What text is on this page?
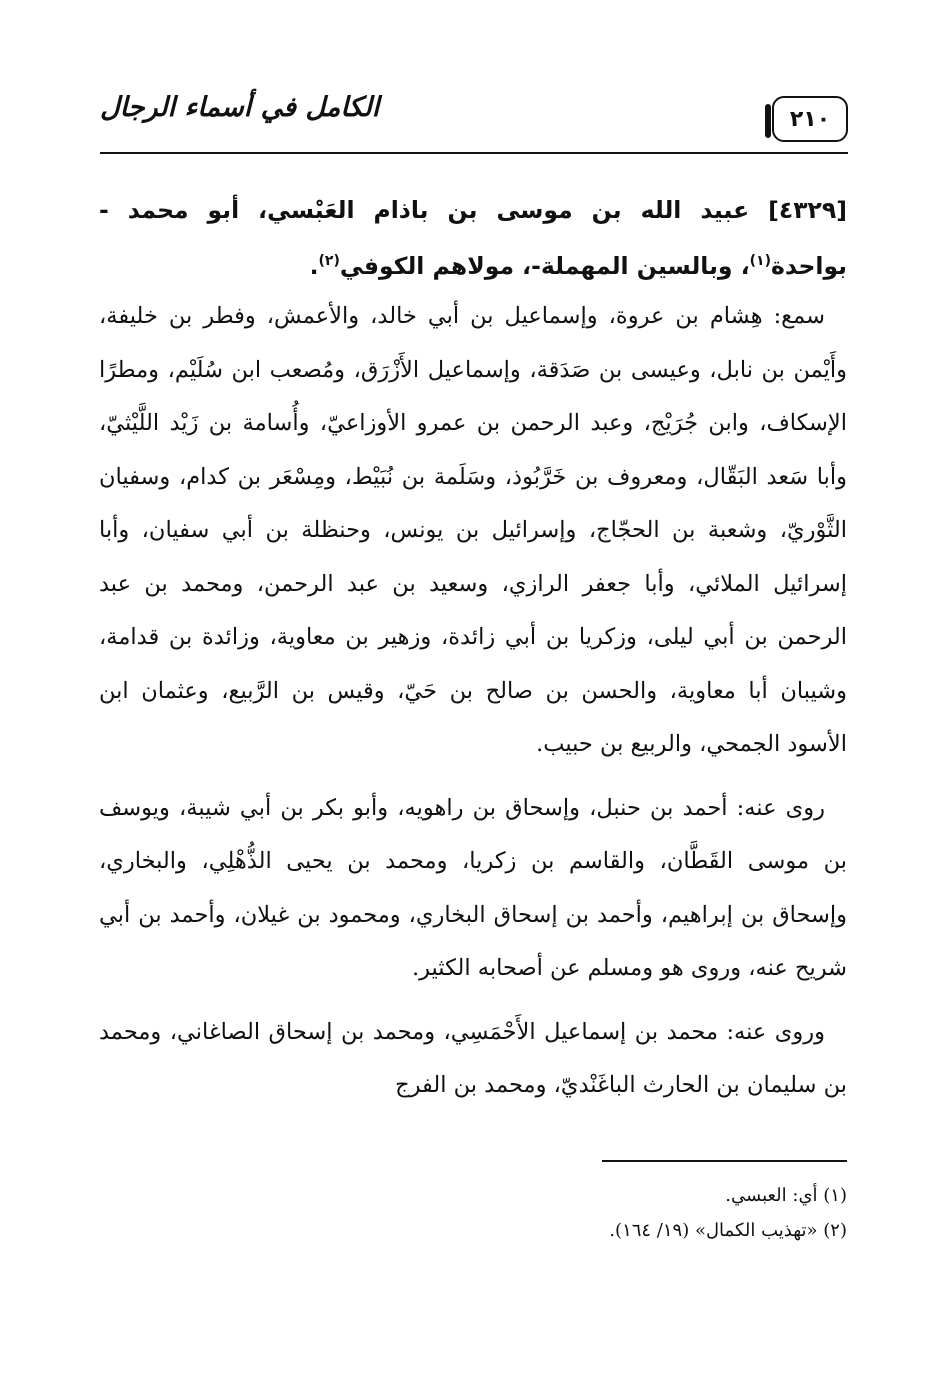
٢١٠
الكامل في أسماء الرجال
[٤٣٢٩] عبيد الله بن موسى بن باذام العَبْسي، أبو محمد - بواحدة$^{(١)}$، وبالسين المهملة-، مولاهم الكوفي$^{(٢)}$.

سمع: هِشام بن عروة، وإسماعيل بن أبي خالد، والأعمش، وفطر بن خليفة، وأَيْمن بن نابل، وعيسى بن صَدَقة، وإسماعيل الأَزْرَق، ومُصعب ابن سُلَيْم، ومطرًا الإسكاف، وابن جُرَيْج، وعبد الرحمن بن عمرو الأوزاعيّ، وأُسامة بن زَيْد اللَّيْثيّ، وأبا سَعد البَقّال، ومعروف بن خَرَّبُوذ، وسَلَمة بن نُبَيْط، ومِسْعَر بن كدام، وسفيان الثَّوْريّ، وشعبة بن الحجّاج، وإسرائيل بن يونس، وحنظلة بن أبي سفيان، وأبا إسرائيل الملائي، وأبا جعفر الرازي، وسعيد بن عبد الرحمن، ومحمد بن عبد الرحمن بن أبي ليلى، وزكريا بن أبي زائدة، وزهير بن معاوية، وزائدة بن قدامة، وشيبان أبا معاوية، والحسن بن صالح بن حَيّ، وقيس بن الرَّبيع، وعثمان ابن الأسود الجمحي، والربيع بن حبيب.

روى عنه: أحمد بن حنبل، وإسحاق بن راهويه، وأبو بكر بن أبي شيبة، ويوسف بن موسى القَطَّان، والقاسم بن زكريا، ومحمد بن يحيى الذُّهْلِي، والبخاري، وإسحاق بن إبراهيم، وأحمد بن إسحاق البخاري، ومحمود بن غيلان، وأحمد بن أبي شريح عنه، وروى هو ومسلم عن أصحابه الكثير.

وروى عنه: محمد بن إسماعيل الأَحْمَسِي، ومحمد بن إسحاق الصاغاني، ومحمد بن سليمان بن الحارث الباغَنْديّ، ومحمد بن الفرج

(١) أي: العبسي.
(٢) «تهذيب الكمال» (١٩/ ١٦٤).
